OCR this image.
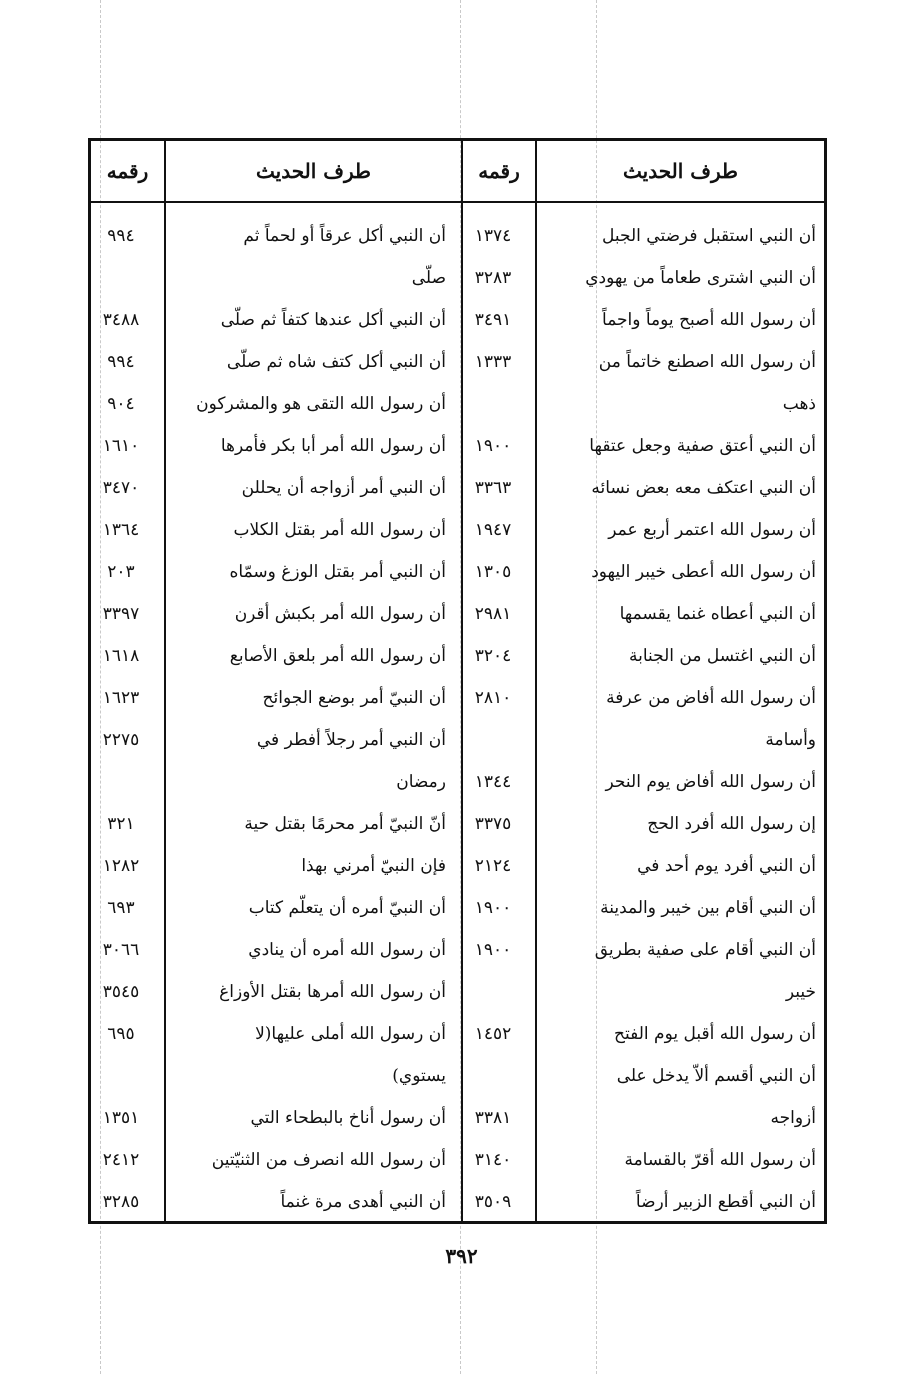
طرف الحديث
رقمه
طرف الحديث
رقمه
أن النبي استقبل فرضتي الجبل
١٣٧٤
أن النبي أكل عرقاً أو لحماً ثم
٩٩٤
أن النبي اشترى طعاماً من يهودي
٣٢٨٣
صلّى
أن رسول الله أصبح يوماً واجماً
٣٤٩١
أن النبي أكل عندها كتفاً ثم صلّى
٣٤٨٨
أن رسول الله اصطنع خاتماً من
١٣٣٣
أن النبي أكل كتف شاه ثم صلّى
٩٩٤
ذهب
أن رسول الله التقى هو والمشركون
٩٠٤
أن النبي أعتق صفية وجعل عتقها
١٩٠٠
أن رسول الله أمر أبا بكر فأمرها
١٦١٠
أن النبي اعتكف معه بعض نسائه
٣٣٦٣
أن النبي أمر أزواجه أن يحللن
٣٤٧٠
أن رسول الله اعتمر أربع عمر
١٩٤٧
أن رسول الله أمر بقتل الكلاب
١٣٦٤
أن رسول الله أعطى خيبر اليهود
١٣٠٥
أن النبي أمر بقتل الوزغ وسمّاه
٢٠٣
أن النبي أعطاه غنما يقسمها
٢٩٨١
أن رسول الله أمر بكبش أقرن
٣٣٩٧
أن النبي اغتسل من الجنابة
٣٢٠٤
أن رسول الله أمر بلعق الأصابع
١٦١٨
أن رسول الله أفاض من عرفة
٢٨١٠
أن النبيّ أمر بوضع الجوائح
١٦٢٣
وأسامة
أن النبي أمر رجلاً أفطر في
٢٢٧٥
أن رسول الله أفاض يوم النحر
١٣٤٤
رمضان
إن رسول الله أفرد الحج
٣٣٧٥
أنّ النبيّ أمر محرمًا بقتل حية
٣٢١
أن النبي أفرد يوم أحد في
٢١٢٤
فإن النبيّ أمرني بهذا
١٢٨٢
أن النبي أقام بين خيبر والمدينة
١٩٠٠
أن النبيّ أمره أن يتعلّم كتاب
٦٩٣
أن النبي أقام على صفية بطريق
١٩٠٠
أن رسول الله أمره أن ينادي
٣٠٦٦
خيبر
أن رسول الله أمرها بقتل الأوزاغ
٣٥٤٥
أن رسول الله أقبل يوم الفتح
١٤٥٢
أن رسول الله أملى عليها(لا
٦٩٥
أن النبي أقسم ألاّ يدخل على
يستوي)
أزواجه
٣٣٨١
أن رسول أناخ بالبطحاء التي
١٣٥١
أن رسول الله أقرّ بالقسامة
٣١٤٠
أن رسول الله انصرف من الثنيّتين
٢٤١٢
أن النبي أقطع الزبير أرضاً
٣٥٠٩
أن النبي أهدى مرة غنماً
٣٢٨٥
٣٩٢
